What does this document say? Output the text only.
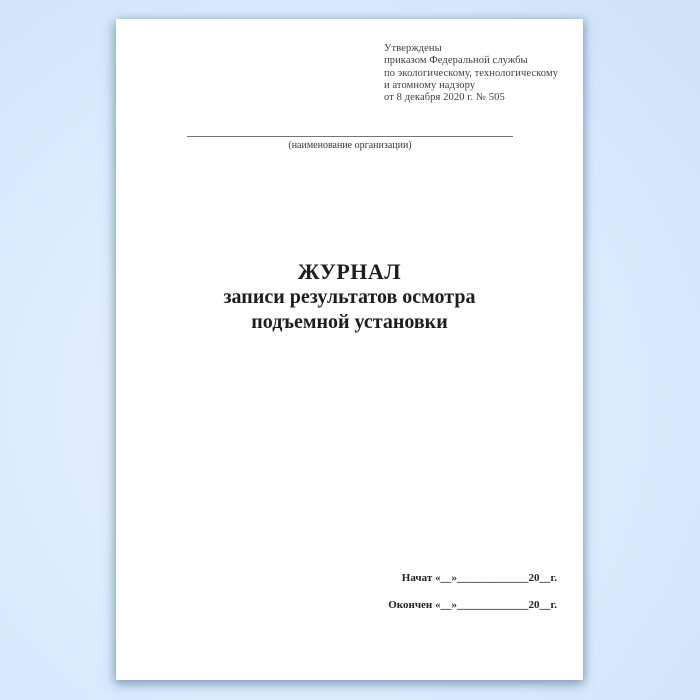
Утверждены
приказом Федеральной службы
по экологическому, технологическому
и атомному надзору
от 8 декабря 2020 г. № 505
(наименование организации)
ЖУРНАЛ
записи результатов осмотра
подъемной установки
Начат «__»_____________20__г.
Окончен «__»_____________20__г.
